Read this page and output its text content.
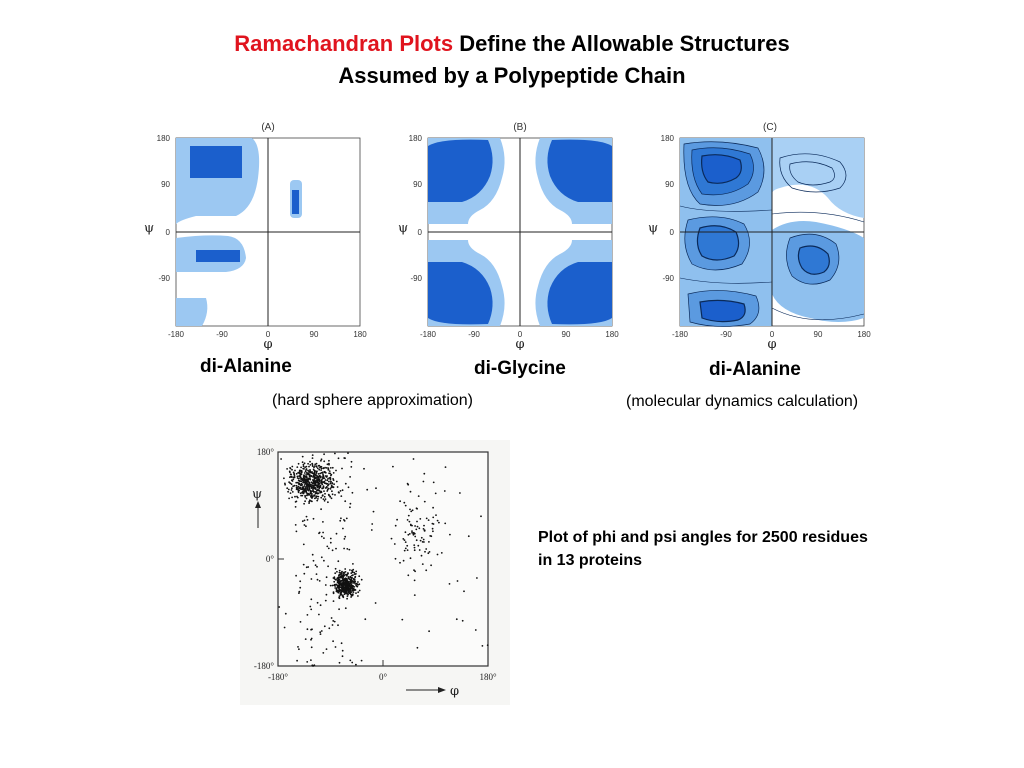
Ramachandran Plots Define the Allowable Structures
Assumed by a Polypeptide Chain
(A)
180
90
0
-90
-180	-90	0	90	180
ψ
φ
(B)
180
90
0
-90
-180	-90	0	90	180
ψ
φ
(C)
180
90
0
-90
-180	-90	0	90	180
ψ
φ
di-Alanine	di-Glycine	di-Alanine
(hard sphere approximation)	(molecular dynamics calculation)
180°
0°
-180°
-180°	0°	180°
ψ
φ
Plot of phi and psi angles for 2500 residues in 13 proteins
